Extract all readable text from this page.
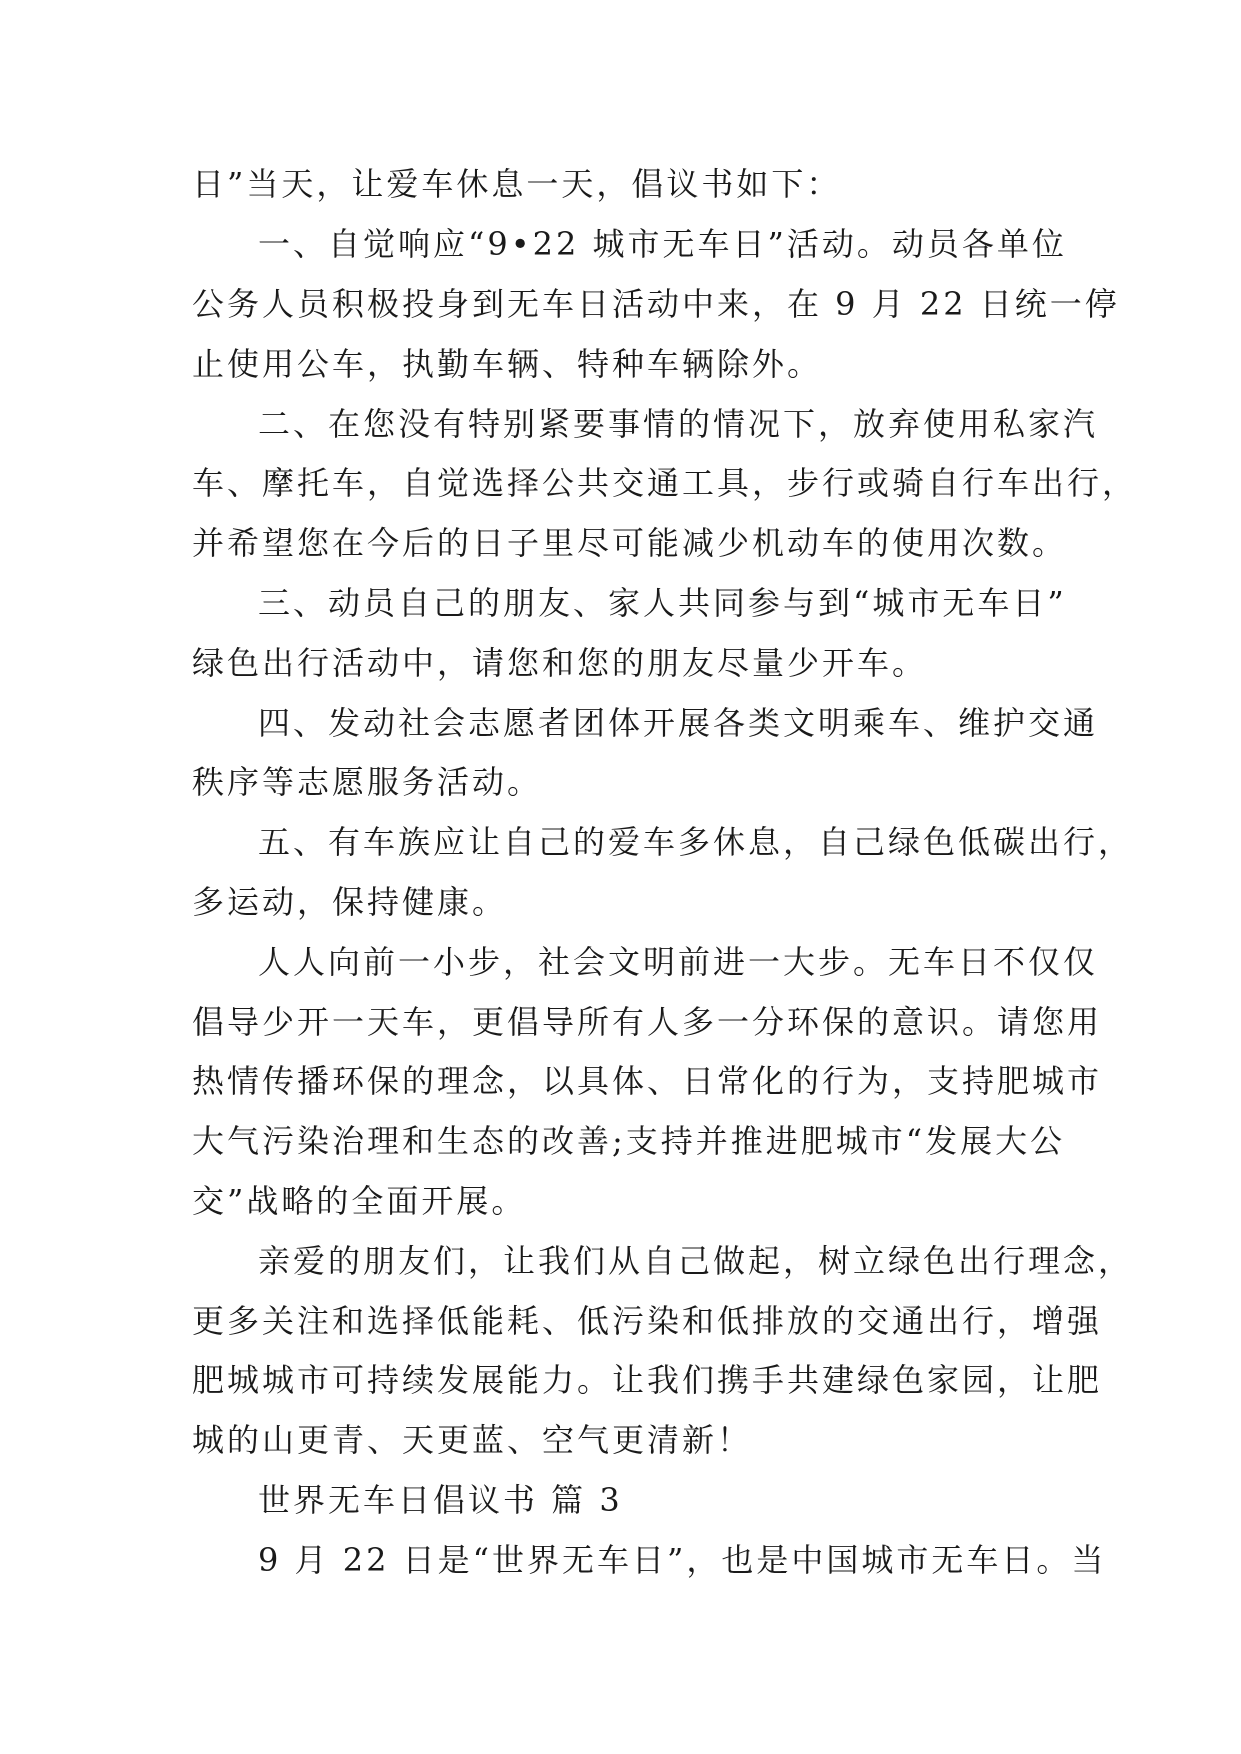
日”当天，让爱车休息一天，倡议书如下：
一、自觉响应“9•22 城市无车日”活动。动员各单位
公务人员积极投身到无车日活动中来，在 9 月 22 日统一停
止使用公车，执勤车辆、特种车辆除外。
二、在您没有特别紧要事情的情况下，放弃使用私家汽
车、摩托车，自觉选择公共交通工具，步行或骑自行车出行，
并希望您在今后的日子里尽可能减少机动车的使用次数。
三、动员自己的朋友、家人共同参与到“城市无车日”
绿色出行活动中，请您和您的朋友尽量少开车。
四、发动社会志愿者团体开展各类文明乘车、维护交通
秩序等志愿服务活动。
五、有车族应让自己的爱车多休息，自己绿色低碳出行，
多运动，保持健康。
人人向前一小步，社会文明前进一大步。无车日不仅仅
倡导少开一天车，更倡导所有人多一分环保的意识。请您用
热情传播环保的理念，以具体、日常化的行为，支持肥城市
大气污染治理和生态的改善;支持并推进肥城市“发展大公
交”战略的全面开展。
亲爱的朋友们，让我们从自己做起，树立绿色出行理念，
更多关注和选择低能耗、低污染和低排放的交通出行，增强
肥城城市可持续发展能力。让我们携手共建绿色家园，让肥
城的山更青、天更蓝、空气更清新！
世界无车日倡议书 篇 3
9 月 22 日是“世界无车日”，也是中国城市无车日。当
